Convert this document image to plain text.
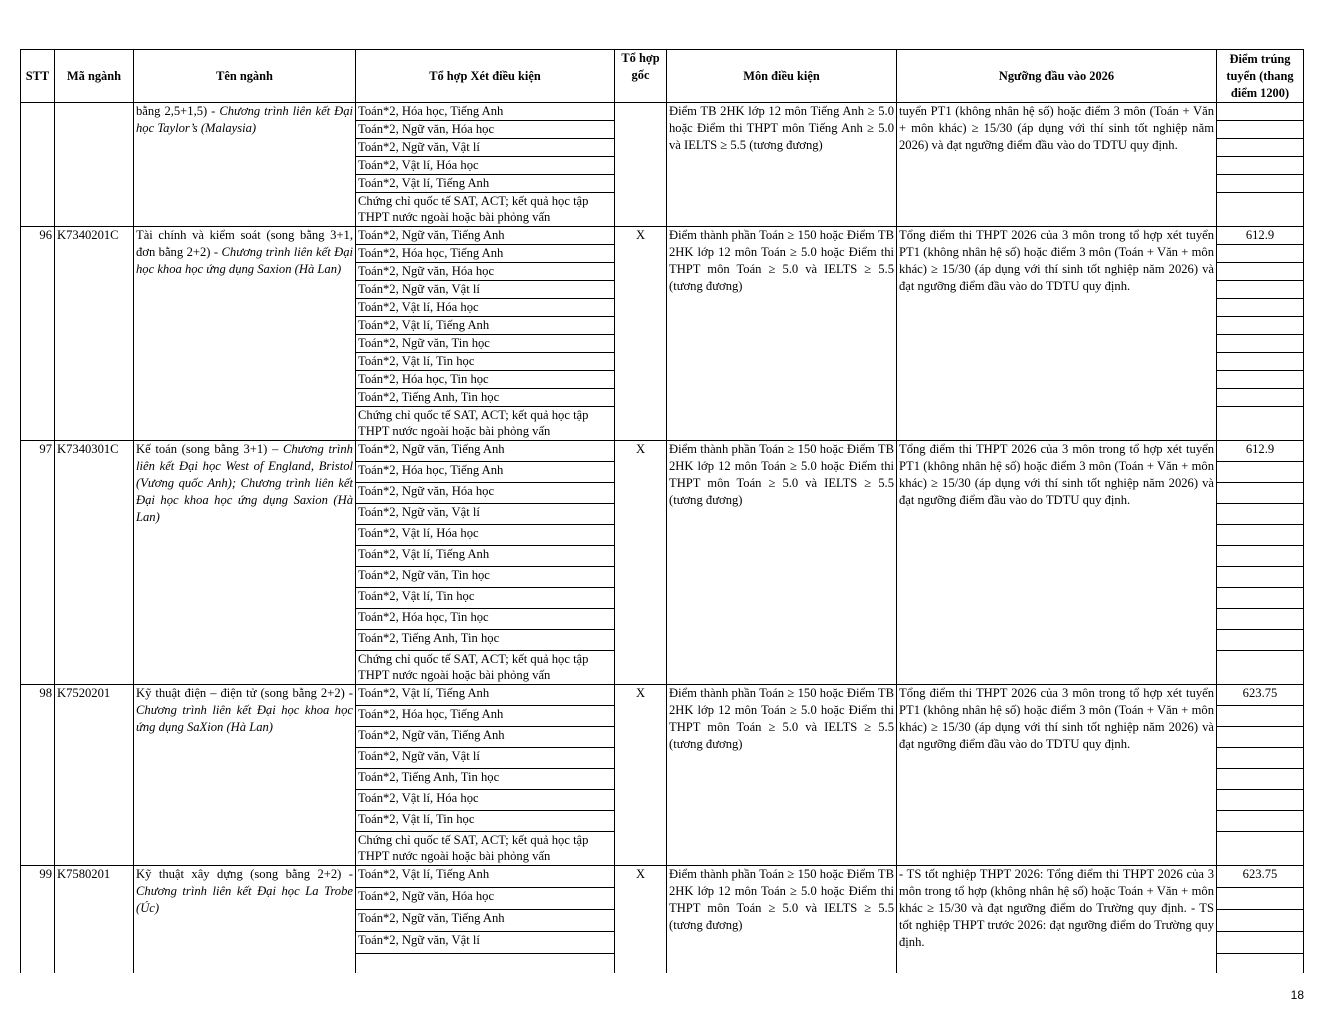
STT	Mã ngành	Tên ngành	Tổ hợp Xét điều kiện	Tổ hợp gốc	Môn điều kiện	Ngưỡng đầu vào 2026	Điểm trúng tuyển (thang điểm 1200)
		bằng 2,5+1,5) - Chương trình liên kết Đại học Taylor’s (Malaysia)	Toán*2, Hóa học, Tiếng Anh		Điểm TB 2HK lớp 12 môn Tiếng Anh ≥ 5.0 hoặc Điểm thi THPT môn Tiếng Anh ≥ 5.0 và IELTS ≥ 5.5 (tương đương)	tuyển PT1 (không nhân hệ số) hoặc điểm 3 môn (Toán + Văn + môn khác) ≥ 15/30 (áp dụng với thí sinh tốt nghiệp năm 2026) và đạt ngưỡng điểm đầu vào do TDTU quy định.	
			Toán*2, Ngữ văn, Hóa học				
			Toán*2, Ngữ văn, Vật lí				
			Toán*2, Vật lí, Hóa học				
			Toán*2, Vật lí, Tiếng Anh				
			Chứng chỉ quốc tế SAT, ACT; kết quả học tập THPT nước ngoài hoặc bài phỏng vấn				
96	K7340201C	Tài chính và kiểm soát (song bằng 3+1, đơn bằng 2+2) - Chương trình liên kết Đại học khoa học ứng dụng Saxion (Hà Lan)	Toán*2, Ngữ văn, Tiếng Anh	X	Điểm thành phần Toán ≥ 150 hoặc Điểm TB 2HK lớp 12 môn Toán ≥ 5.0 hoặc Điểm thi THPT môn Toán ≥ 5.0 và IELTS ≥ 5.5 (tương đương)	Tổng điểm thi THPT 2026 của 3 môn trong tổ hợp xét tuyển PT1 (không nhân hệ số) hoặc điểm 3 môn (Toán + Văn + môn khác) ≥ 15/30 (áp dụng với thí sinh tốt nghiệp năm 2026) và đạt ngưỡng điểm đầu vào do TDTU quy định.	612.9
			Toán*2, Hóa học, Tiếng Anh				
			Toán*2, Ngữ văn, Hóa học				
			Toán*2, Ngữ văn, Vật lí				
			Toán*2, Vật lí, Hóa học				
			Toán*2, Vật lí, Tiếng Anh				
			Toán*2, Ngữ văn, Tin học				
			Toán*2, Vật lí, Tin học				
			Toán*2, Hóa học, Tin học				
			Toán*2, Tiếng Anh, Tin học				
			Chứng chỉ quốc tế SAT, ACT; kết quả học tập THPT nước ngoài hoặc bài phỏng vấn				
97	K7340301C	Kế toán (song bằng 3+1) – Chương trình liên kết Đại học West of England, Bristol (Vương quốc Anh); Chương trình liên kết Đại học khoa học ứng dụng Saxion (Hà Lan)	Toán*2, Ngữ văn, Tiếng Anh	X	Điểm thành phần Toán ≥ 150 hoặc Điểm TB 2HK lớp 12 môn Toán ≥ 5.0 hoặc Điểm thi THPT môn Toán ≥ 5.0 và IELTS ≥ 5.5 (tương đương)	Tổng điểm thi THPT 2026 của 3 môn trong tổ hợp xét tuyển PT1 (không nhân hệ số) hoặc điểm 3 môn (Toán + Văn + môn khác) ≥ 15/30 (áp dụng với thí sinh tốt nghiệp năm 2026) và đạt ngưỡng điểm đầu vào do TDTU quy định.	612.9
			Toán*2, Hóa học, Tiếng Anh				
			Toán*2, Ngữ văn, Hóa học				
			Toán*2, Ngữ văn, Vật lí				
			Toán*2, Vật lí, Hóa học				
			Toán*2, Vật lí, Tiếng Anh				
			Toán*2, Ngữ văn, Tin học				
			Toán*2, Vật lí, Tin học				
			Toán*2, Hóa học, Tin học				
			Toán*2, Tiếng Anh, Tin học				
			Chứng chỉ quốc tế SAT, ACT; kết quả học tập THPT nước ngoài hoặc bài phỏng vấn				
98	K7520201	Kỹ thuật điện – điện tử (song bằng 2+2) - Chương trình liên kết Đại học khoa học ứng dụng SaXion (Hà Lan)	Toán*2, Vật lí, Tiếng Anh	X	Điểm thành phần Toán ≥ 150 hoặc Điểm TB 2HK lớp 12 môn Toán ≥ 5.0 hoặc Điểm thi THPT môn Toán ≥ 5.0 và IELTS ≥ 5.5 (tương đương)	Tổng điểm thi THPT 2026 của 3 môn trong tổ hợp xét tuyển PT1 (không nhân hệ số) hoặc điểm 3 môn (Toán + Văn + môn khác) ≥ 15/30 (áp dụng với thí sinh tốt nghiệp năm 2026) và đạt ngưỡng điểm đầu vào do TDTU quy định.	623.75
			Toán*2, Hóa học, Tiếng Anh				
			Toán*2, Ngữ văn, Tiếng Anh				
			Toán*2, Ngữ văn, Vật lí				
			Toán*2, Tiếng Anh, Tin học				
			Toán*2, Vật lí, Hóa học				
			Toán*2, Vật lí, Tin học				
			Chứng chỉ quốc tế SAT, ACT; kết quả học tập THPT nước ngoài hoặc bài phỏng vấn				
99	K7580201	Kỹ thuật xây dựng (song bằng 2+2) - Chương trình liên kết Đại học La Trobe (Úc)	Toán*2, Vật lí, Tiếng Anh	X	Điểm thành phần Toán ≥ 150 hoặc Điểm TB 2HK lớp 12 môn Toán ≥ 5.0 hoặc Điểm thi THPT môn Toán ≥ 5.0 và IELTS ≥ 5.5 (tương đương)	- TS tốt nghiệp THPT 2026: Tổng điểm thi THPT 2026 của 3 môn trong tổ hợp (không nhân hệ số) hoặc Toán + Văn + môn khác ≥ 15/30 và đạt ngưỡng điểm do Trường quy định. - TS tốt nghiệp THPT trước 2026: đạt ngưỡng điểm do Trường quy định.	623.75
			Toán*2, Ngữ văn, Hóa học				
			Toán*2, Ngữ văn, Tiếng Anh				
			Toán*2, Ngữ văn, Vật lí				

18
